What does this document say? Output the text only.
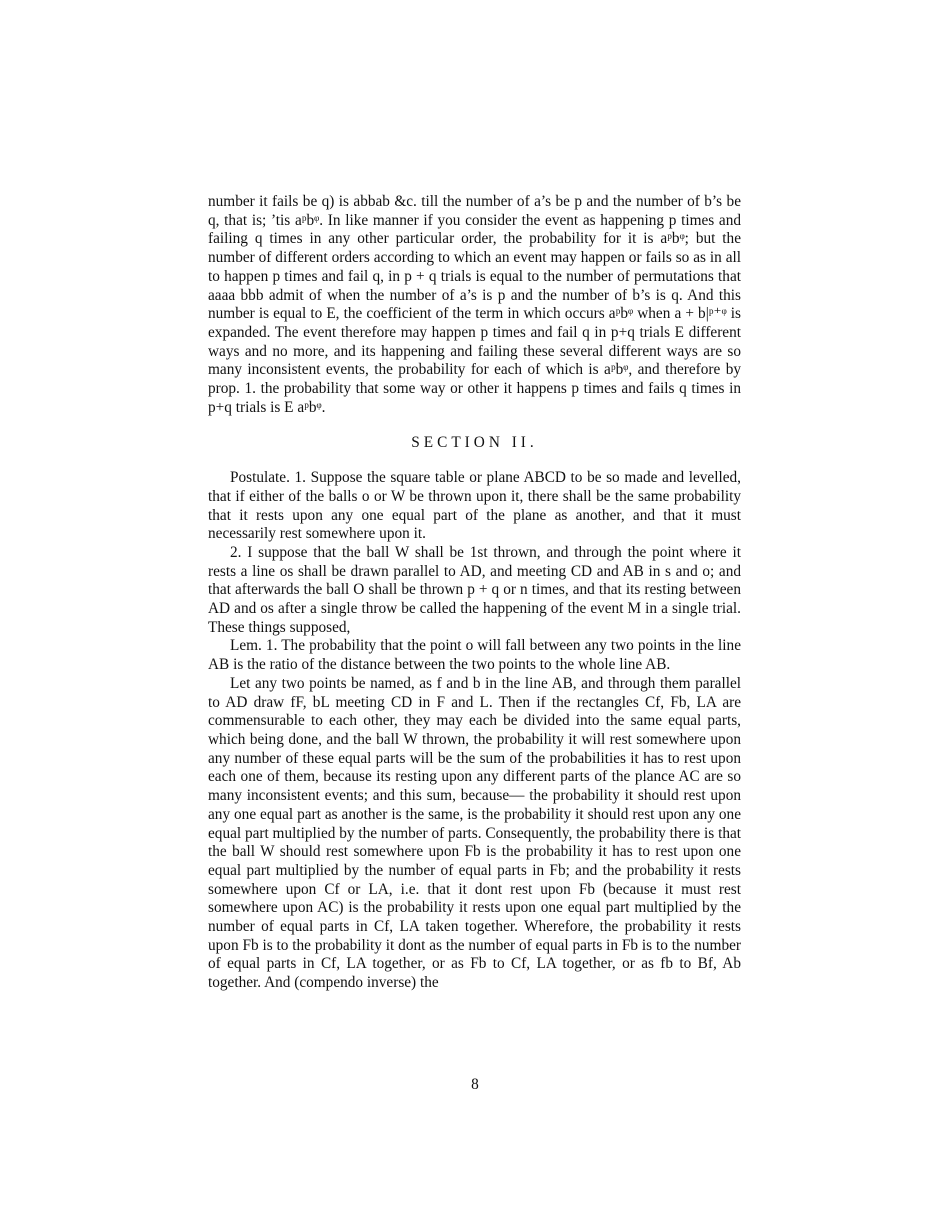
number it fails be q) is abbab &c. till the number of a’s be p and the number of b’s be q, that is; ’tis aᵖbᵠ. In like manner if you consider the event as happening p times and failing q times in any other particular order, the probability for it is aᵖbᵠ; but the number of different orders according to which an event may happen or fails so as in all to happen p times and fail q, in p + q trials is equal to the number of permutations that aaaa bbb admit of when the number of a’s is p and the number of b’s is q. And this number is equal to E, the coefficient of the term in which occurs aᵖbᵠ when a + b|ᵖ⁺ᵠ is expanded. The event therefore may happen p times and fail q in p+q trials E different ways and no more, and its happening and failing these several different ways are so many inconsistent events, the probability for each of which is aᵖbᵠ, and therefore by prop. 1. the probability that some way or other it happens p times and fails q times in p+q trials is E aᵖbᵠ.

SECTION II.

Postulate. 1. Suppose the square table or plane ABCD to be so made and levelled, that if either of the balls o or W be thrown upon it, there shall be the same probability that it rests upon any one equal part of the plane as another, and that it must necessarily rest somewhere upon it.

2. I suppose that the ball W shall be 1st thrown, and through the point where it rests a line os shall be drawn parallel to AD, and meeting CD and AB in s and o; and that afterwards the ball O shall be thrown p + q or n times, and that its resting between AD and os after a single throw be called the happening of the event M in a single trial. These things supposed,

Lem. 1. The probability that the point o will fall between any two points in the line AB is the ratio of the distance between the two points to the whole line AB.

Let any two points be named, as f and b in the line AB, and through them parallel to AD draw fF, bL meeting CD in F and L. Then if the rectangles Cf, Fb, LA are commensurable to each other, they may each be divided into the same equal parts, which being done, and the ball W thrown, the probability it will rest somewhere upon any number of these equal parts will be the sum of the probabilities it has to rest upon each one of them, because its resting upon any different parts of the plance AC are so many inconsistent events; and this sum, because— the probability it should rest upon any one equal part as another is the same, is the probability it should rest upon any one equal part multiplied by the number of parts. Consequently, the probability there is that the ball W should rest somewhere upon Fb is the probability it has to rest upon one equal part multiplied by the number of equal parts in Fb; and the probability it rests somewhere upon Cf or LA, i.e. that it dont rest upon Fb (because it must rest somewhere upon AC) is the probability it rests upon one equal part multiplied by the number of equal parts in Cf, LA taken together. Wherefore, the probability it rests upon Fb is to the probability it dont as the number of equal parts in Fb is to the number of equal parts in Cf, LA together, or as Fb to Cf, LA together, or as fb to Bf, Ab together. And (compendo inverse) the

8
